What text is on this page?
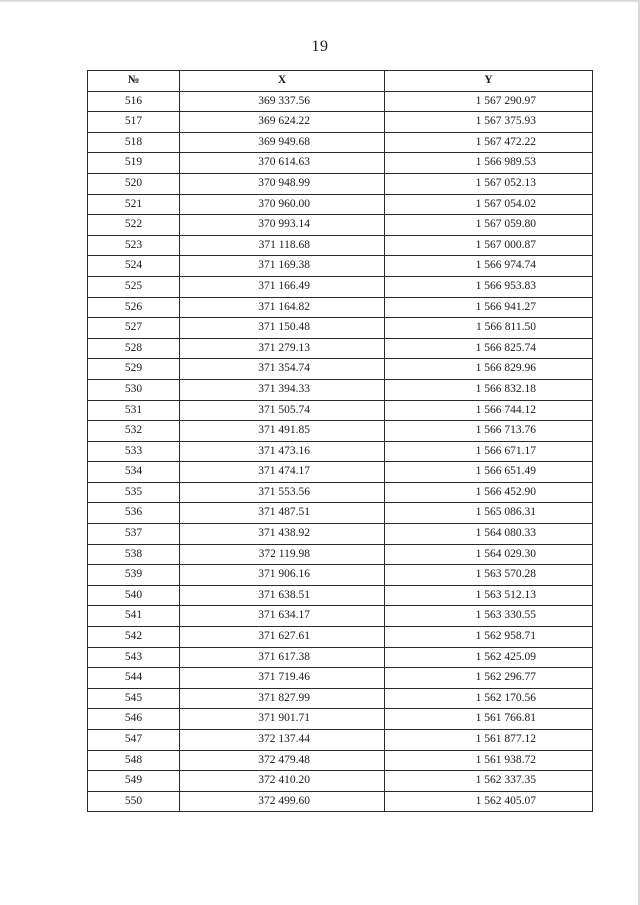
19
№	X	Y
516	369 337.56	1 567 290.97
517	369 624.22	1 567 375.93
518	369 949.68	1 567 472.22
519	370 614.63	1 566 989.53
520	370 948.99	1 567 052.13
521	370 960.00	1 567 054.02
522	370 993.14	1 567 059.80
523	371 118.68	1 567 000.87
524	371 169.38	1 566 974.74
525	371 166.49	1 566 953.83
526	371 164.82	1 566 941.27
527	371 150.48	1 566 811.50
528	371 279.13	1 566 825.74
529	371 354.74	1 566 829.96
530	371 394.33	1 566 832.18
531	371 505.74	1 566 744.12
532	371 491.85	1 566 713.76
533	371 473.16	1 566 671.17
534	371 474.17	1 566 651.49
535	371 553.56	1 566 452.90
536	371 487.51	1 565 086.31
537	371 438.92	1 564 080.33
538	372 119.98	1 564 029.30
539	371 906.16	1 563 570.28
540	371 638.51	1 563 512.13
541	371 634.17	1 563 330.55
542	371 627.61	1 562 958.71
543	371 617.38	1 562 425.09
544	371 719.46	1 562 296.77
545	371 827.99	1 562 170.56
546	371 901.71	1 561 766.81
547	372 137.44	1 561 877.12
548	372 479.48	1 561 938.72
549	372 410.20	1 562 337.35
550	372 499.60	1 562 405.07
